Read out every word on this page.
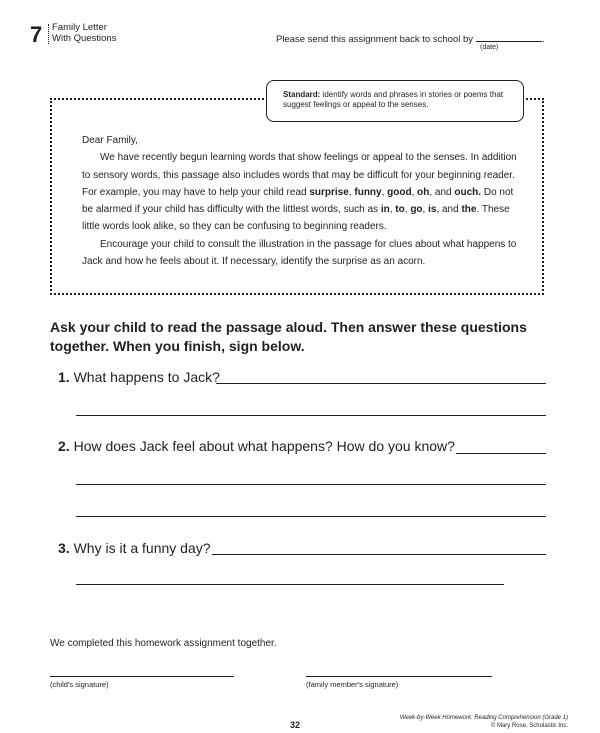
7 Family Letter
With Questions	Please send this assignment back to school by	.
(date)
Standard: identify words and phrases in stories or poems that suggest feelings or appeal to the senses.

Dear Family,

We have recently begun learning words that show feelings or appeal to the senses. In addition to sensory words, this passage also includes words that may be difficult for your beginning reader. For example, you may have to help your child read surprise, funny, good, oh, and ouch. Do not be alarmed if your child has difficulty with the littlest words, such as in, to, go, is, and the. These little words look alike, so they can be confusing to beginning readers.

Encourage your child to consult the illustration in the passage for clues about what happens to Jack and how he feels about it. If necessary, identify the surprise as an acorn.

Ask your child to read the passage aloud. Then answer these questions together. When you finish, sign below.
1. What happens to Jack?
2. How does Jack feel about what happens? How do you know?
3. Why is it a funny day?
We completed this homework assignment together.
(child's signature)	(family member's signature)
32
Week-by-Week Homework: Reading Comprehension (Grade 1)
© Mary Rose, Scholastic Inc.
